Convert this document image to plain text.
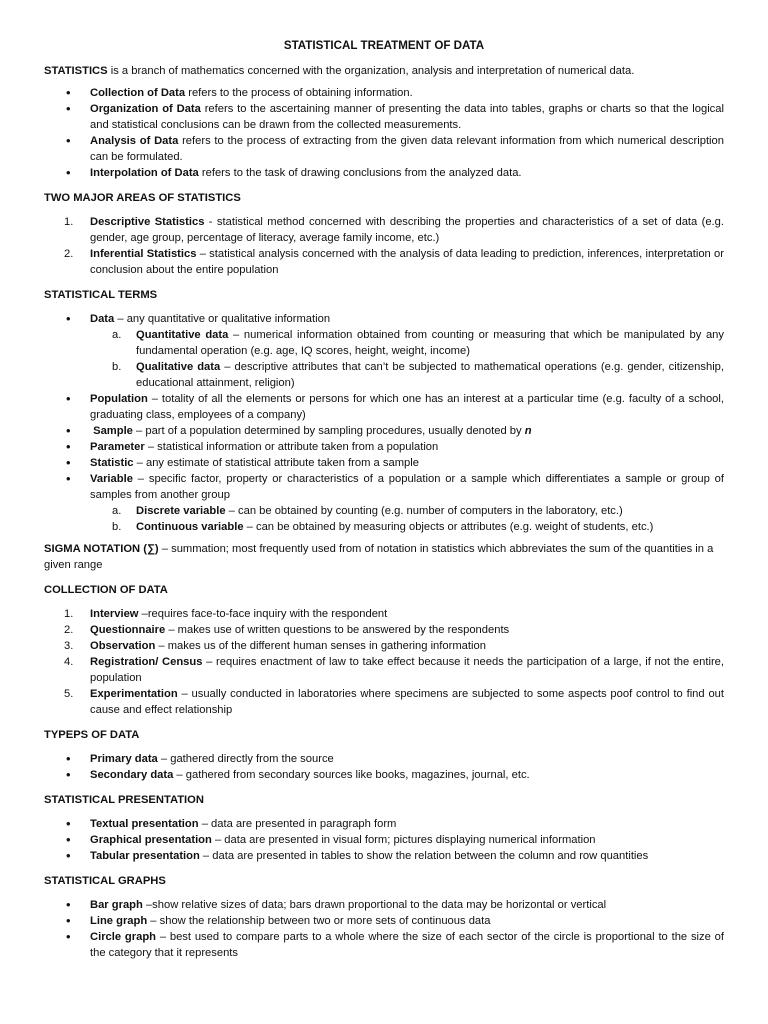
STATISTICAL TREATMENT OF DATA

STATISTICS is a branch of mathematics concerned with the organization, analysis and interpretation of numerical data.

• Collection of Data refers to the process of obtaining information.
• Organization of Data refers to the ascertaining manner of presenting the data into tables, graphs or charts so that the logical and statistical conclusions can be drawn from the collected measurements.
• Analysis of Data refers to the process of extracting from the given data relevant information from which numerical description can be formulated.
• Interpolation of Data refers to the task of drawing conclusions from the analyzed data.
TWO MAJOR AREAS OF STATISTICS
1. Descriptive Statistics - statistical method concerned with describing the properties and characteristics of a set of data (e.g. gender, age group, percentage of literacy, average family income, etc.)
2. Inferential Statistics – statistical analysis concerned with the analysis of data leading to prediction, inferences, interpretation or conclusion about the entire population
STATISTICAL TERMS
• Data – any quantitative or qualitative information
a. Quantitative data – numerical information obtained from counting or measuring that which be manipulated by any fundamental operation (e.g. age, IQ scores, height, weight, income)
b. Qualitative data – descriptive attributes that can’t be subjected to mathematical operations (e.g. gender, citizenship, educational attainment, religion)
• Population – totality of all the elements or persons for which one has an interest at a particular time (e.g. faculty of a school, graduating class, employees of a company)
• Sample – part of a population determined by sampling procedures, usually denoted by n
• Parameter – statistical information or attribute taken from a population
• Statistic – any estimate of statistical attribute taken from a sample
• Variable – specific factor, property or characteristics of a population or a sample which differentiates a sample or group of samples from another group
a. Discrete variable – can be obtained by counting (e.g. number of computers in the laboratory, etc.)
b. Continuous variable – can be obtained by measuring objects or attributes (e.g. weight of students, etc.)

SIGMA NOTATION (∑) – summation; most frequently used from of notation in statistics which abbreviates the sum of the quantities in a given range

COLLECTION OF DATA
1. Interview –requires face-to-face inquiry with the respondent
2. Questionnaire – makes use of written questions to be answered by the respondents
3. Observation – makes us of the different human senses in gathering information
4. Registration/ Census – requires enactment of law to take effect because it needs the participation of a large, if not the entire, population
5. Experimentation – usually conducted in laboratories where specimens are subjected to some aspects poof control to find out cause and effect relationship
TYPEPS OF DATA
• Primary data – gathered directly from the source
• Secondary data – gathered from secondary sources like books, magazines, journal, etc.
STATISTICAL PRESENTATION
• Textual presentation – data are presented in paragraph form
• Graphical presentation – data are presented in visual form; pictures displaying numerical information
• Tabular presentation – data are presented in tables to show the relation between the column and row quantities
STATISTICAL GRAPHS
• Bar graph –show relative sizes of data; bars drawn proportional to the data may be horizontal or vertical
• Line graph – show the relationship between two or more sets of continuous data
• Circle graph – best used to compare parts to a whole where the size of each sector of the circle is proportional to the size of the category that it represents
